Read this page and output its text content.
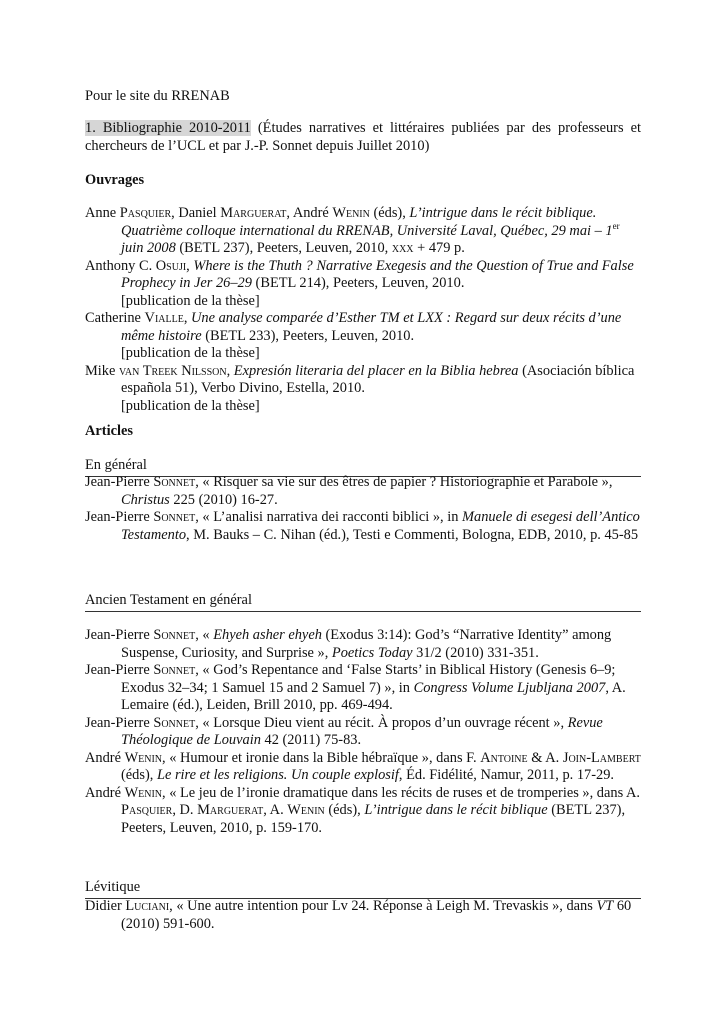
Pour le site du RRENAB
1. Bibliographie 2010-2011 (Études narratives et littéraires publiées par des professeurs et chercheurs de l’UCL et par J.-P. Sonnet depuis Juillet 2010)
Ouvrages
Anne Pasquier, Daniel Marguerat, André Wenin (éds), L’intrigue dans le récit biblique. Quatrième colloque international du RRENAB, Université Laval, Québec, 29 mai – 1er juin 2008 (BETL 237), Peeters, Leuven, 2010, xxx + 479 p.
Anthony C. Osuji, Where is the Thuth ? Narrative Exegesis and the Question of True and False Prophecy in Jer 26–29 (BETL 214), Peeters, Leuven, 2010.
[publication de la thèse]
Catherine Vialle, Une analyse comparée d’Esther TM et LXX : Regard sur deux récits d’une même histoire (BETL 233), Peeters, Leuven, 2010.
[publication de la thèse]
Mike van Treek Nilsson, Expresión literaria del placer en la Biblia hebrea (Asociación bíblica española 51), Verbo Divino, Estella, 2010.
[publication de la thèse]
Articles
En général
Jean-Pierre Sonnet, « Risquer sa vie sur des êtres de papier ? Historiographie et Parabole », Christus 225 (2010) 16-27.
Jean-Pierre Sonnet, « L’analisi narrativa dei racconti biblici », in Manuele di esegesi dell’Antico Testamento, M. Bauks – C. Nihan (éd.), Testi e Commenti, Bologna, EDB, 2010, p. 45-85
Ancien Testament en général
Jean-Pierre Sonnet, « Ehyeh asher ehyeh (Exodus 3:14): God’s “Narrative Identity” among Suspense, Curiosity, and Surprise », Poetics Today 31/2 (2010) 331-351.
Jean-Pierre Sonnet, « God’s Repentance and ‘False Starts’ in Biblical History (Genesis 6–9; Exodus 32–34; 1 Samuel 15 and 2 Samuel 7) », in Congress Volume Ljubljana 2007, A. Lemaire (éd.), Leiden, Brill 2010, pp. 469-494.
Jean-Pierre Sonnet, « Lorsque Dieu vient au récit. À propos d’un ouvrage récent », Revue Théologique de Louvain 42 (2011) 75-83.
André Wenin, « Humour et ironie dans la Bible hébraïque », dans F. Antoine & A. Join-Lambert (éds), Le rire et les religions. Un couple explosif, Éd. Fidélité, Namur, 2011, p. 17-29.
André Wenin, « Le jeu de l’ironie dramatique dans les récits de ruses et de tromperies », dans A. Pasquier, D. Marguerat, A. Wenin (éds), L’intrigue dans le récit biblique (BETL 237), Peeters, Leuven, 2010, p. 159-170.
Lévitique
Didier Luciani, « Une autre intention pour Lv 24. Réponse à Leigh M. Trevaskis », dans VT 60 (2010) 591-600.
